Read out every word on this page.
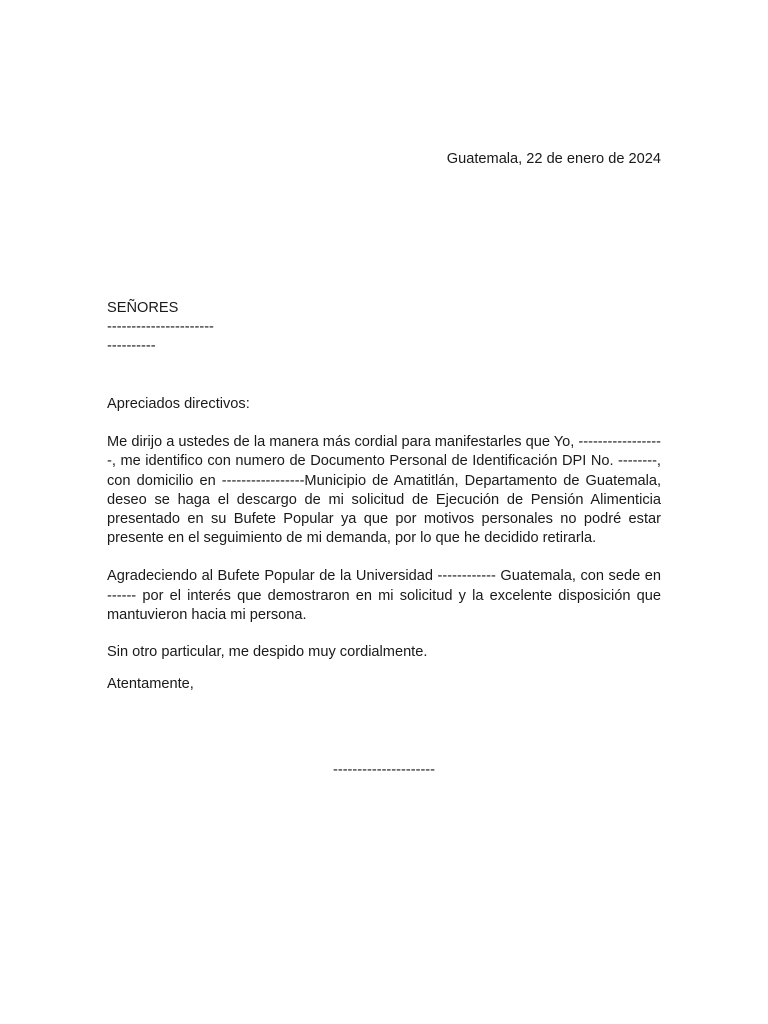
Guatemala, 22 de enero de 2024
SEÑORES
----------------------
----------

Apreciados directivos:

Me dirijo a ustedes de la manera más cordial para manifestarles que Yo, ------------------, me identifico con numero de Documento Personal de Identificación DPI No. --------, con domicilio en -----------------Municipio de Amatitlán, Departamento de Guatemala, deseo se haga el descargo de mi solicitud de Ejecución de Pensión Alimenticia presentado en su Bufete Popular ya que por motivos personales no podré estar presente en el seguimiento de mi demanda, por lo que he decidido retirarla.

Agradeciendo al Bufete Popular de la Universidad ------------ Guatemala, con sede en ------ por el interés que demostraron en mi solicitud y la excelente disposición que mantuvieron hacia mi persona.

Sin otro particular, me despido muy cordialmente.

Atentamente,

---------------------
